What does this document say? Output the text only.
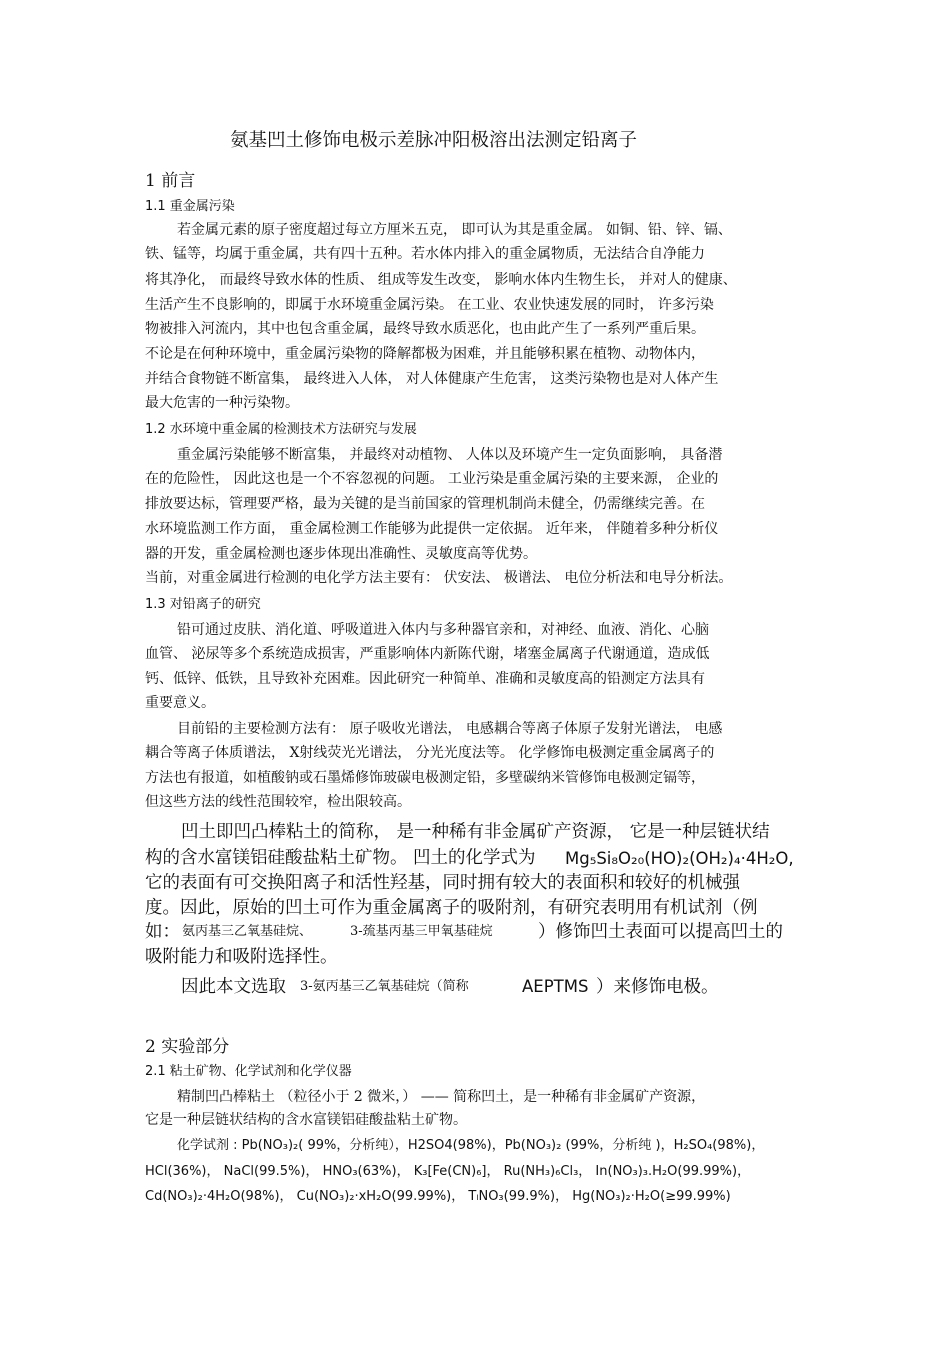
氨基凹土修饰电极示差脉冲阳极溶出法测定铅离子
1 前言
1.1 重金属污染
若金属元素的原子密度超过每立方厘米五克， 即可认为其是重金属。 如铜、铅、锌、镉、
铁、锰等，均属于重金属，共有四十五种。若水体内排入的重金属物质，无法结合自净能力
将其净化， 而最终导致水体的性质、 组成等发生改变， 影响水体内生物生长， 并对人的健康、
生活产生不良影响的，即属于水环境重金属污染。 在工业、农业快速发展的同时， 许多污染
物被排入河流内，其中也包含重金属，最终导致水质恶化，也由此产生了一系列严重后果。
不论是在何种环境中，重金属污染物的降解都极为困难，并且能够积累在植物、动物体内，
并结合食物链不断富集， 最终进入人体， 对人体健康产生危害， 这类污染物也是对人体产生
最大危害的一种污染物。
1.2 水环境中重金属的检测技术方法研究与发展
重金属污染能够不断富集， 并最终对动植物、 人体以及环境产生一定负面影响， 具备潜
在的危险性， 因此这也是一个不容忽视的问题。 工业污染是重金属污染的主要来源， 企业的
排放要达标，管理要严格，最为关键的是当前国家的管理机制尚未健全，仍需继续完善。在
水环境监测工作方面， 重金属检测工作能够为此提供一定依据。 近年来， 伴随着多种分析仪
器的开发，重金属检测也逐步体现出准确性、灵敏度高等优势。
当前，对重金属进行检测的电化学方法主要有： 伏安法、 极谱法、 电位分析法和电导分析法。
1.3 对铅离子的研究
铅可通过皮肤、消化道、呼吸道进入体内与多种器官亲和，对神经、血液、消化、心脑
血管、 泌尿等多个系统造成损害，严重影响体内新陈代谢，堵塞金属离子代谢通道，造成低
钙、低锌、低铁，且导致补充困难。因此研究一种简单、准确和灵敏度高的铅测定方法具有
重要意义。
目前铅的主要检测方法有： 原子吸收光谱法， 电感耦合等离子体原子发射光谱法， 电感
耦合等离子体质谱法， X射线荧光光谱法， 分光光度法等。 化学修饰电极测定重金属离子的
方法也有报道，如植酸钠或石墨烯修饰玻碳电极测定铅，多壁碳纳米管修饰电极测定镉等，
但这些方法的线性范围较窄，检出限较高。
凹土即凹凸棒粘土的简称， 是一种稀有非金属矿产资源， 它是一种层链状结
构的含水富镁铝硅酸盐粘土矿物。 凹土的化学式为 Mg₅Si₈O₂₀(HO)₂(OH₂)₄·4H₂O,
它的表面有可交换阳离子和活性羟基，同时拥有较大的表面积和较好的机械强
度。因此，原始的凹土可作为重金属离子的吸附剂，有研究表明用有机试剂（例
如： 氨丙基三乙氧基硅烷、	3-巯基丙基三甲氧基硅烷	）修饰凹土表面可以提高凹土的
吸附能力和吸附选择性。
因此本文选取 3-氨丙基三乙氧基硅烷（简称	AEPTMS ）来修饰电极。
2 实验部分
2.1 粘土矿物、化学试剂和化学仪器
精制凹凸棒粘土 （粒径小于 2 微米，） —— 简称凹土，是一种稀有非金属矿产资源，
它是一种层链状结构的含水富镁铝硅酸盐粘土矿物。
化学试剂 : Pb(NO₃)₂( 99%，分析纯），H2SO4(98%)，Pb(NO₃)₂ (99%，分析纯 )，H₂SO₄(98%)，
HCl(36%)， NaCl(99.5%)， HNO₃(63%)， K₃[Fe(CN)₆]， Ru(NH₃)₆Cl₃， In(NO₃)₃.H₂O(99.99%)，
Cd(NO₃)₂·4H₂O(98%)， Cu(NO₃)₂·xH₂O(99.99%)， TₗNO₃(99.9%)， Hg(NO₃)₂·H₂O(≥99.99%)
